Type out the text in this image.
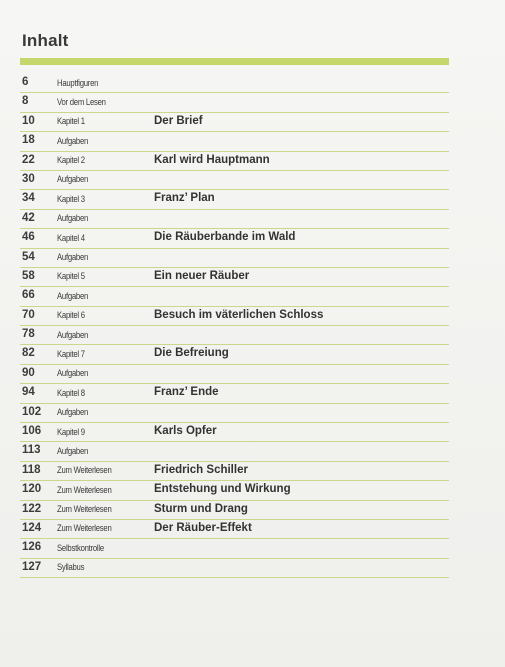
Inhalt
6	Hauptfiguren
8	Vor dem Lesen
10 Kapitel 1	Der Brief
18 Aufgaben
22 Kapitel 2	Karl wird Hauptmann
30 Aufgaben
34 Kapitel 3	Franz’ Plan
42 Aufgaben
46 Kapitel 4	Die Räuberbande im Wald
54 Aufgaben
58 Kapitel 5	Ein neuer Räuber
66 Aufgaben
70 Kapitel 6	Besuch im väterlichen Schloss
78 Aufgaben
82 Kapitel 7	Die Befreiung
90 Aufgaben
94 Kapitel 8	Franz’ Ende
102 Aufgaben
106 Kapitel 9	Karls Opfer
113 Aufgaben
118 Zum Weiterlesen	Friedrich Schiller
120 Zum Weiterlesen	Entstehung und Wirkung
122 Zum Weiterlesen	Sturm und Drang
124 Zum Weiterlesen	Der Räuber-Effekt
126 Selbstkontrolle
127 Syllabus
